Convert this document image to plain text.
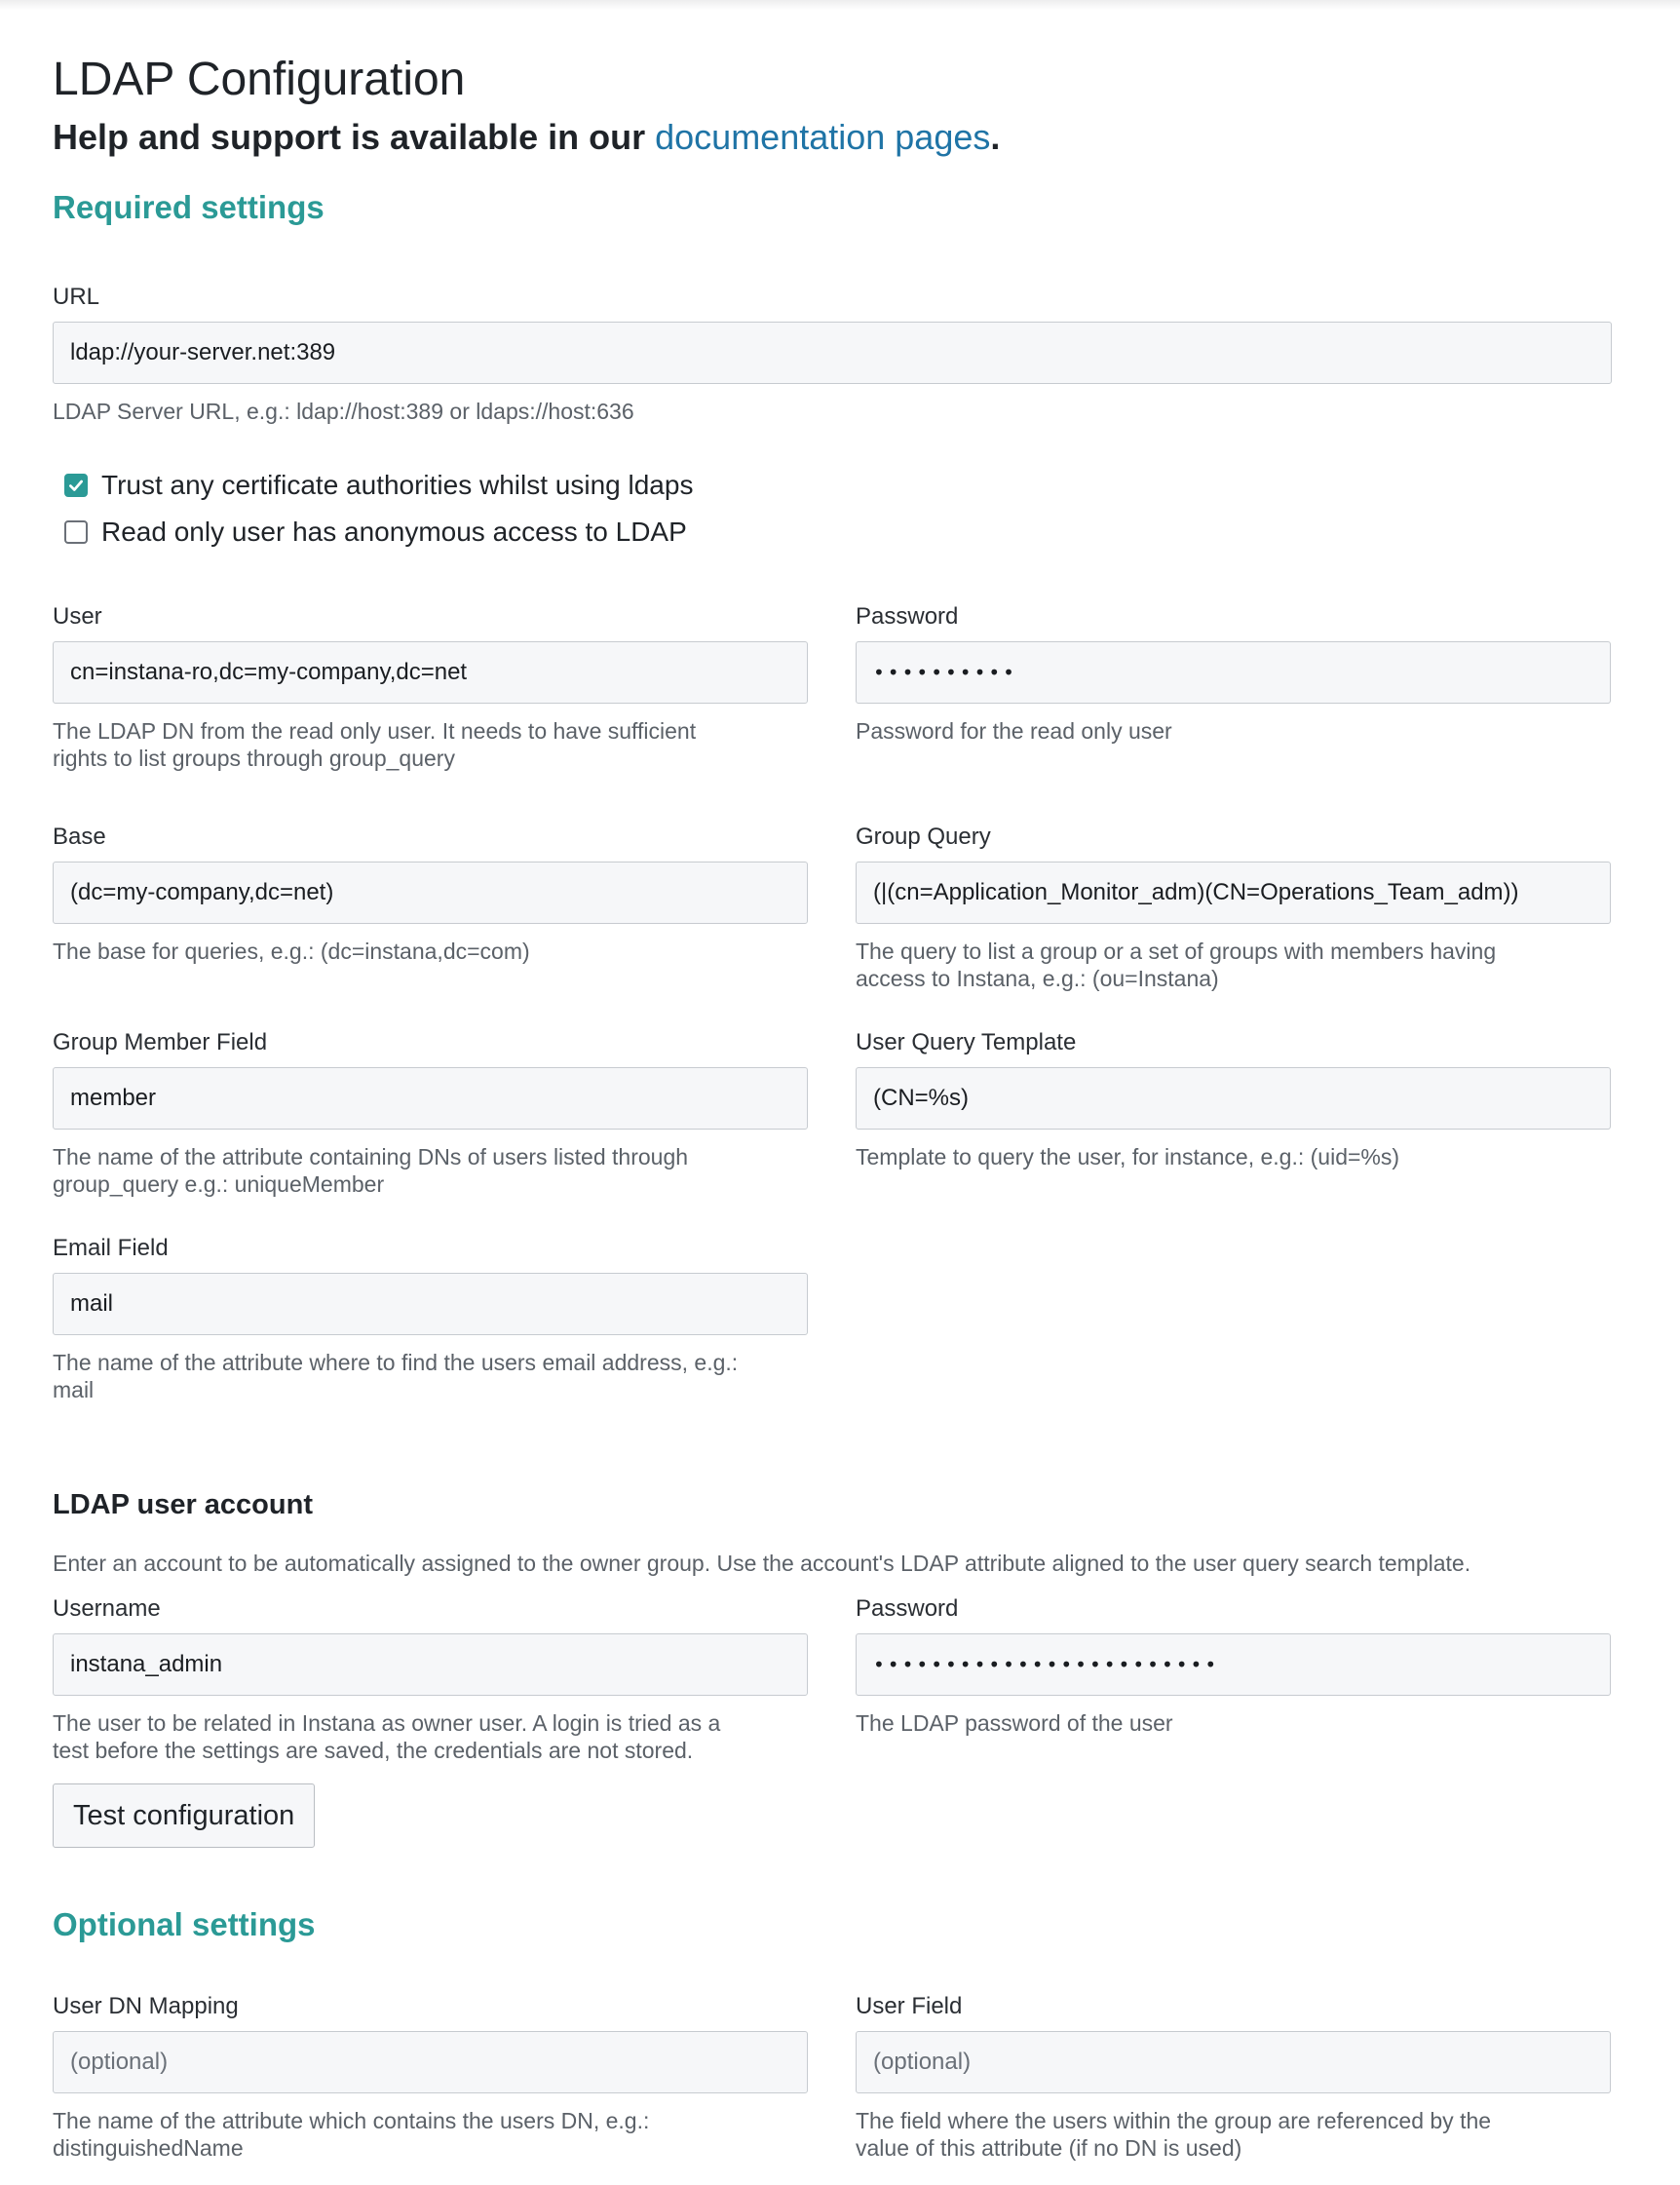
LDAP Configuration
Help and support is available in our documentation pages.
Required settings
URL
ldap://your-server.net:389
LDAP Server URL, e.g.: ldap://host:389 or ldaps://host:636
Trust any certificate authorities whilst using ldaps
Read only user has anonymous access to LDAP
User
cn=instana-ro,dc=my-company,dc=net
The LDAP DN from the read only user. It needs to have sufficient
rights to list groups through group_query
Password
••••••••••
Password for the read only user
Base
(dc=my-company,dc=net)
The base for queries, e.g.: (dc=instana,dc=com)
Group Query
(|(cn=Application_Monitor_adm)(CN=Operations_Team_adm))
The query to list a group or a set of groups with members having
access to Instana, e.g.: (ou=Instana)
Group Member Field
member
The name of the attribute containing DNs of users listed through
group_query e.g.: uniqueMember
User Query Template
(CN=%s)
Template to query the user, for instance, e.g.: (uid=%s)
Email Field
mail
The name of the attribute where to find the users email address, e.g.:
mail
LDAP user account
Enter an account to be automatically assigned to the owner group. Use the account's LDAP attribute aligned to the user query search template.
Username
instana_admin
The user to be related in Instana as owner user. A login is tried as a
test before the settings are saved, the credentials are not stored.
Password
••••••••••••••••••••••••
The LDAP password of the user
Test configuration
Optional settings
User DN Mapping
(optional)
The name of the attribute which contains the users DN, e.g.:
distinguishedName
User Field
(optional)
The field where the users within the group are referenced by the
value of this attribute (if no DN is used)
